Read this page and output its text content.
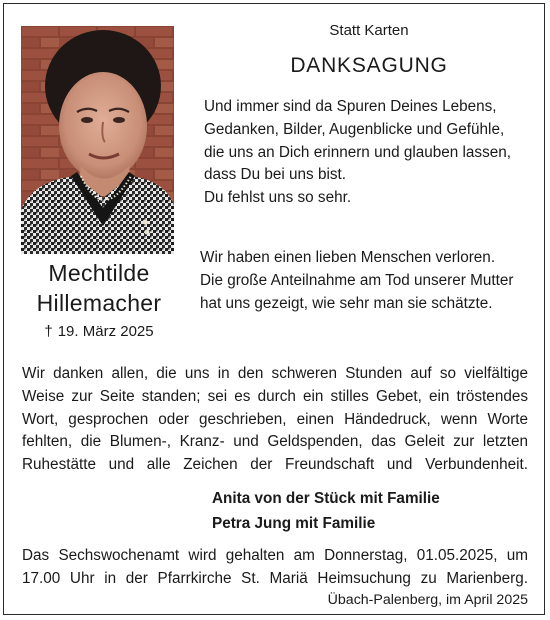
Mechtilde
Hillemacher
† 19. März 2025
Statt Karten
DANKSAGUNG
Und immer sind da Spuren Deines Lebens,
Gedanken, Bilder, Augenblicke und Gefühle,
die uns an Dich erinnern und glauben lassen,
dass Du bei uns bist.
Du fehlst uns so sehr.
Wir haben einen lieben Menschen verloren.
Die große Anteilnahme am Tod unserer Mutter
hat uns gezeigt, wie sehr man sie schätzte.
Wir danken allen, die uns in den schweren Stunden auf so vielfältige
Weise zur Seite standen; sei es durch ein stilles Gebet, ein tröstendes
Wort, gesprochen oder geschrieben, einen Händedruck, wenn Worte
fehlten, die Blumen-, Kranz- und Geldspenden, das Geleit zur letzten
Ruhestätte und alle Zeichen der Freundschaft und Verbundenheit.
Anita von der Stück mit Familie
Petra Jung mit Familie
Das Sechswochenamt wird gehalten am Donnerstag, 01.05.2025, um
17.00 Uhr in der Pfarrkirche St. Mariä Heimsuchung zu Marienberg.
Übach-Palenberg, im April 2025
